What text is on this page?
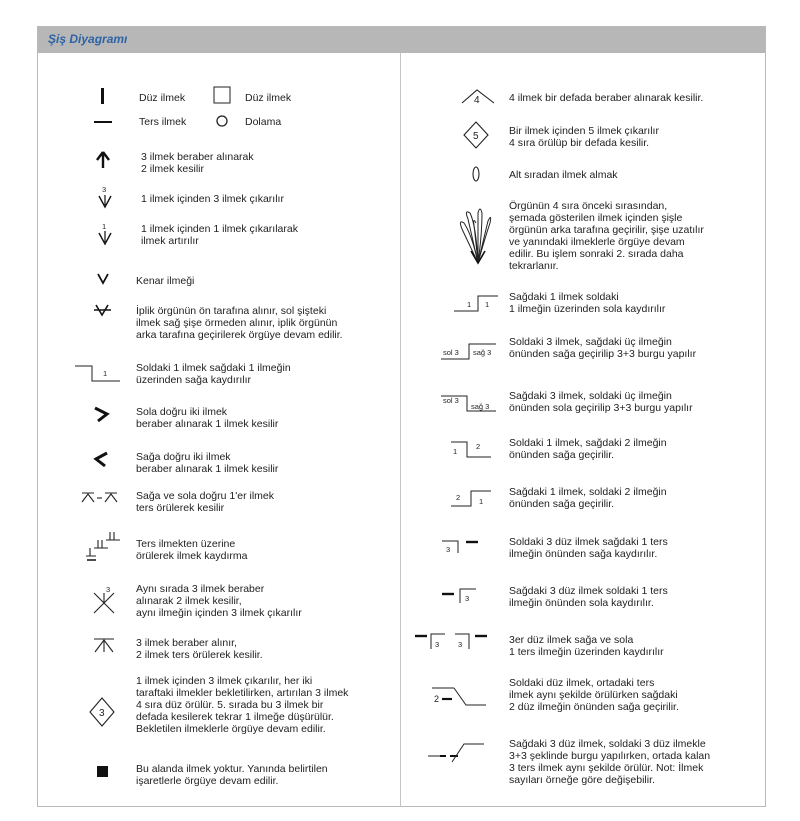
Şiş Diyagramı
Düz ilmek	Düz ilmek
Ters ilmek	Dolama
3 ilmek beraber alınarak
2 ilmek kesilir
3
1 ilmek içinden 3 ilmek çıkarılır
1	1 ilmek içinden 1 ilmek çıkarılarak
ilmek artırılır
Kenar ilmeği
İplik örgünün ön tarafına alınır, sol şişteki
ilmek sağ şişe örmeden alınır, iplik örgünün
arka tarafına geçirilerek örgüye devam edilir.
1	Soldaki 1 ilmek sağdaki 1 ilmeğin
üzerinden sağa kaydırılır
Sola doğru iki ilmek
beraber alınarak 1 ilmek kesilir
Sağa doğru iki ilmek
beraber alınarak 1 ilmek kesilir
Sağa ve sola doğru 1'er ilmek
ters örülerek kesilir
Ters ilmekten üzerine
örülerek ilmek kaydırma
3 Aynı sırada 3 ilmek beraber
alınarak 2 ilmek kesilir,
aynı ilmeğin içinden 3 ilmek çıkarılır
3 ilmek beraber alınır,
2 ilmek ters örülerek kesilir.
3
1 ilmek içinden 3 ilmek çıkarılır, her iki
taraftaki ilmekler bekletilirken, artırılan 3 ilmek
4 sıra düz örülür. 5. sırada bu 3 ilmek bir
defada kesilerek tekrar 1 ilmeğe düşürülür.
Bekletilen ilmeklerle örgüye devam edilir.
Bu alanda ilmek yoktur. Yanında belirtilen
işaretlerle örgüye devam edilir.
4	4 ilmek bir defada beraber alınarak kesilir.
5	Bir ilmek içinden 5 ilmek çıkarılır
4 sıra örülüp bir defada kesilir.
Alt sıradan ilmek almak
Örgünün 4 sıra önceki sırasından,
şemada gösterilen ilmek içinden şişle
örgünün arka tarafına geçirilir, şişe uzatılır
ve yanındaki ilmeklerle örgüye devam
edilir. Bu işlem sonraki 2. sırada daha
tekrarlanır.
1 1
Sağdaki 1 ilmek soldaki
1 ilmeğin üzerinden sola kaydırılır
sol 3 sağ 3
Soldaki 3 ilmek, sağdaki üç ilmeğin
önünden sağa geçirilip 3+3 burgu yapılır
sol 3
sağ 3
Sağdaki 3 ilmek, soldaki üç ilmeğin
önünden sola geçirilip 3+3 burgu yapılır
1
2	Soldaki 1 ilmek, sağdaki 2 ilmeğin
önünden sağa geçirilir.
2	1
Sağdaki 1 ilmek, soldaki 2 ilmeğin
önünden sağa geçirilir.
3
Soldaki 3 düz ilmek sağdaki 1 ters
ilmeğin önünden sağa kaydırılır.
3
Sağdaki 3 düz ilmek soldaki 1 ters
ilmeğin önünden sola kaydırılır.
3	3	3er düz ilmek sağa ve sola
1 ters ilmeğin üzerinden kaydırılır
2
Soldaki düz ilmek, ortadaki ters
ilmek aynı şekilde örülürken sağdaki
2 düz ilmeğin önünden sağa geçirilir.
Sağdaki 3 düz ilmek, soldaki 3 düz ilmekle
3+3 şeklinde burgu yapılırken, ortada kalan
3 ters ilmek aynı şekilde örülür. Not: İlmek
sayıları örneğe göre değişebilir.
